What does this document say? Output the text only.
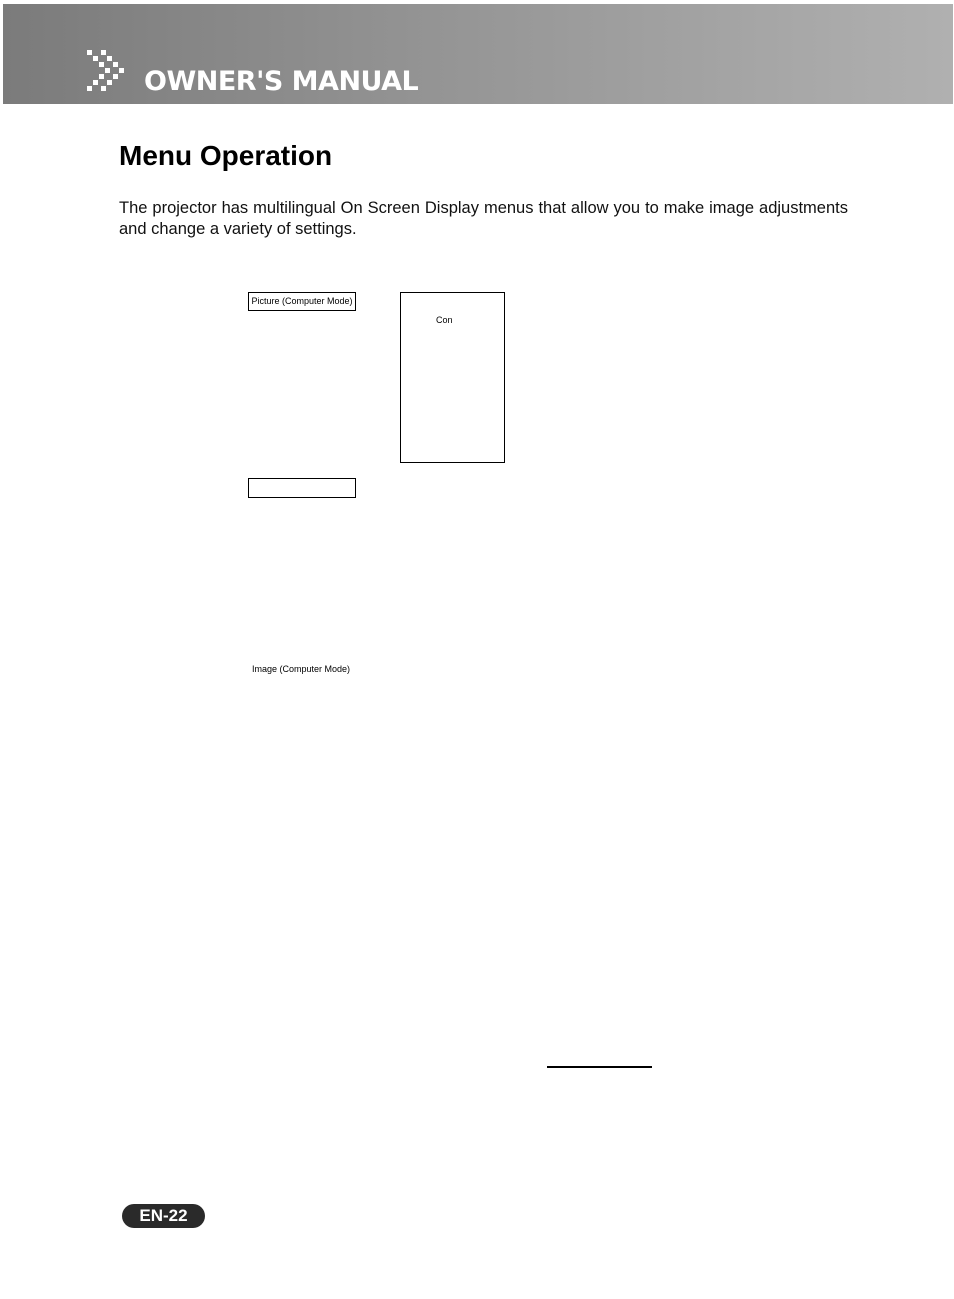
OWNER'S MANUAL
Menu Operation

The projector has multilingual On Screen Display menus that allow you to make image adjustments and change a variety of settings.

Picture (Computer Mode)
Con
Image (Computer Mode)
EN-22
